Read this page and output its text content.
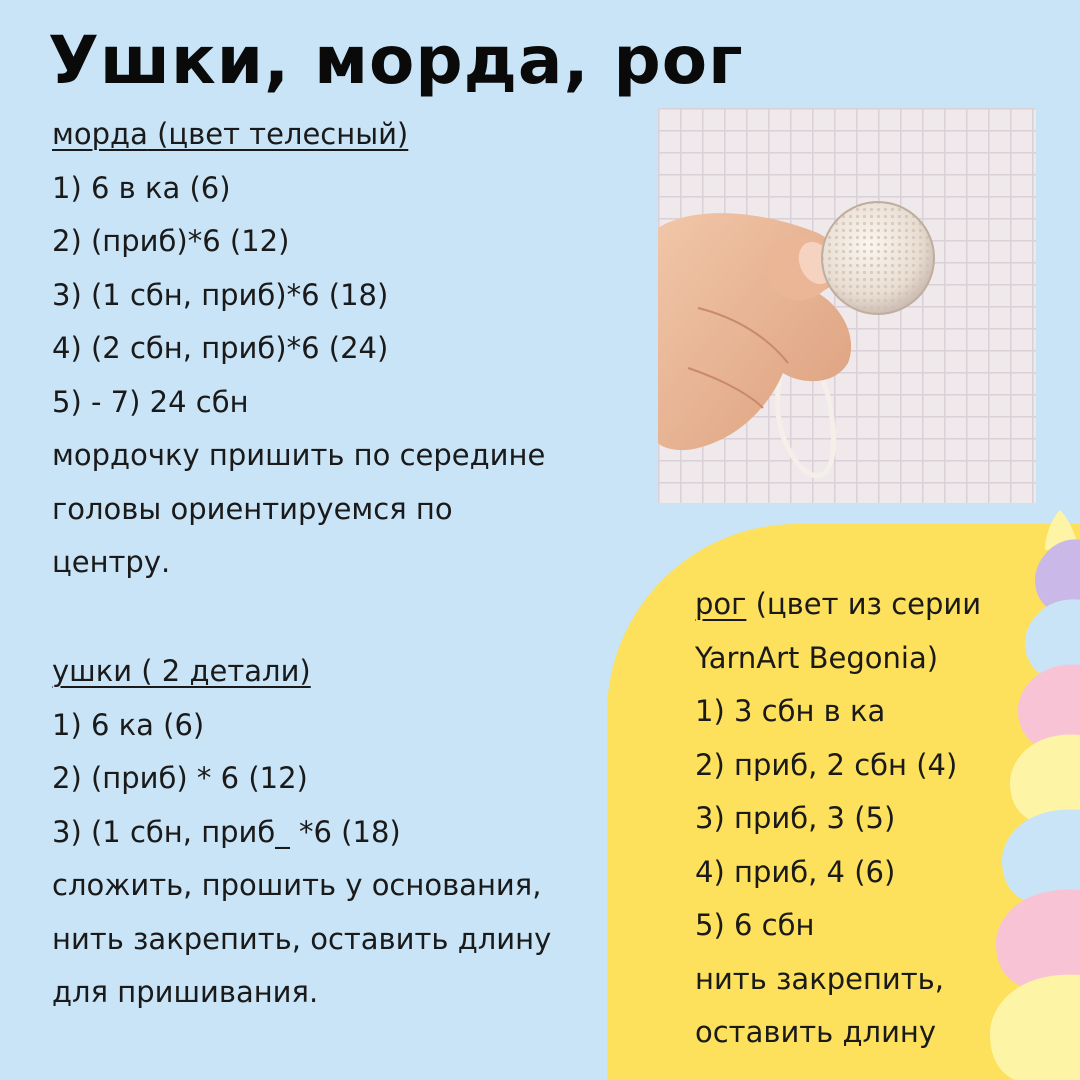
Ушки, морда, рог
морда (цвет телесный)
1) 6 в ка (6)
2) (приб)*6 (12)
3) (1 сбн, приб)*6 (18)
4) (2 сбн, приб)*6 (24)
5) - 7) 24 сбн
мордочку пришить по середине
головы ориентируемся по
центру.
ушки ( 2 детали)
1) 6 ка (6)
2) (приб) * 6 (12)
3) (1 сбн, приб_ *6 (18)
сложить, прошить у основания,
нить закрепить, оставить длину
для пришивания.
рог (цвет из серии
YarnArt Begonia)
1) 3 сбн в ка
2) приб, 2 сбн (4)
3) приб, 3 (5)
4) приб, 4 (6)
5) 6 сбн
нить закрепить,
оставить длину
